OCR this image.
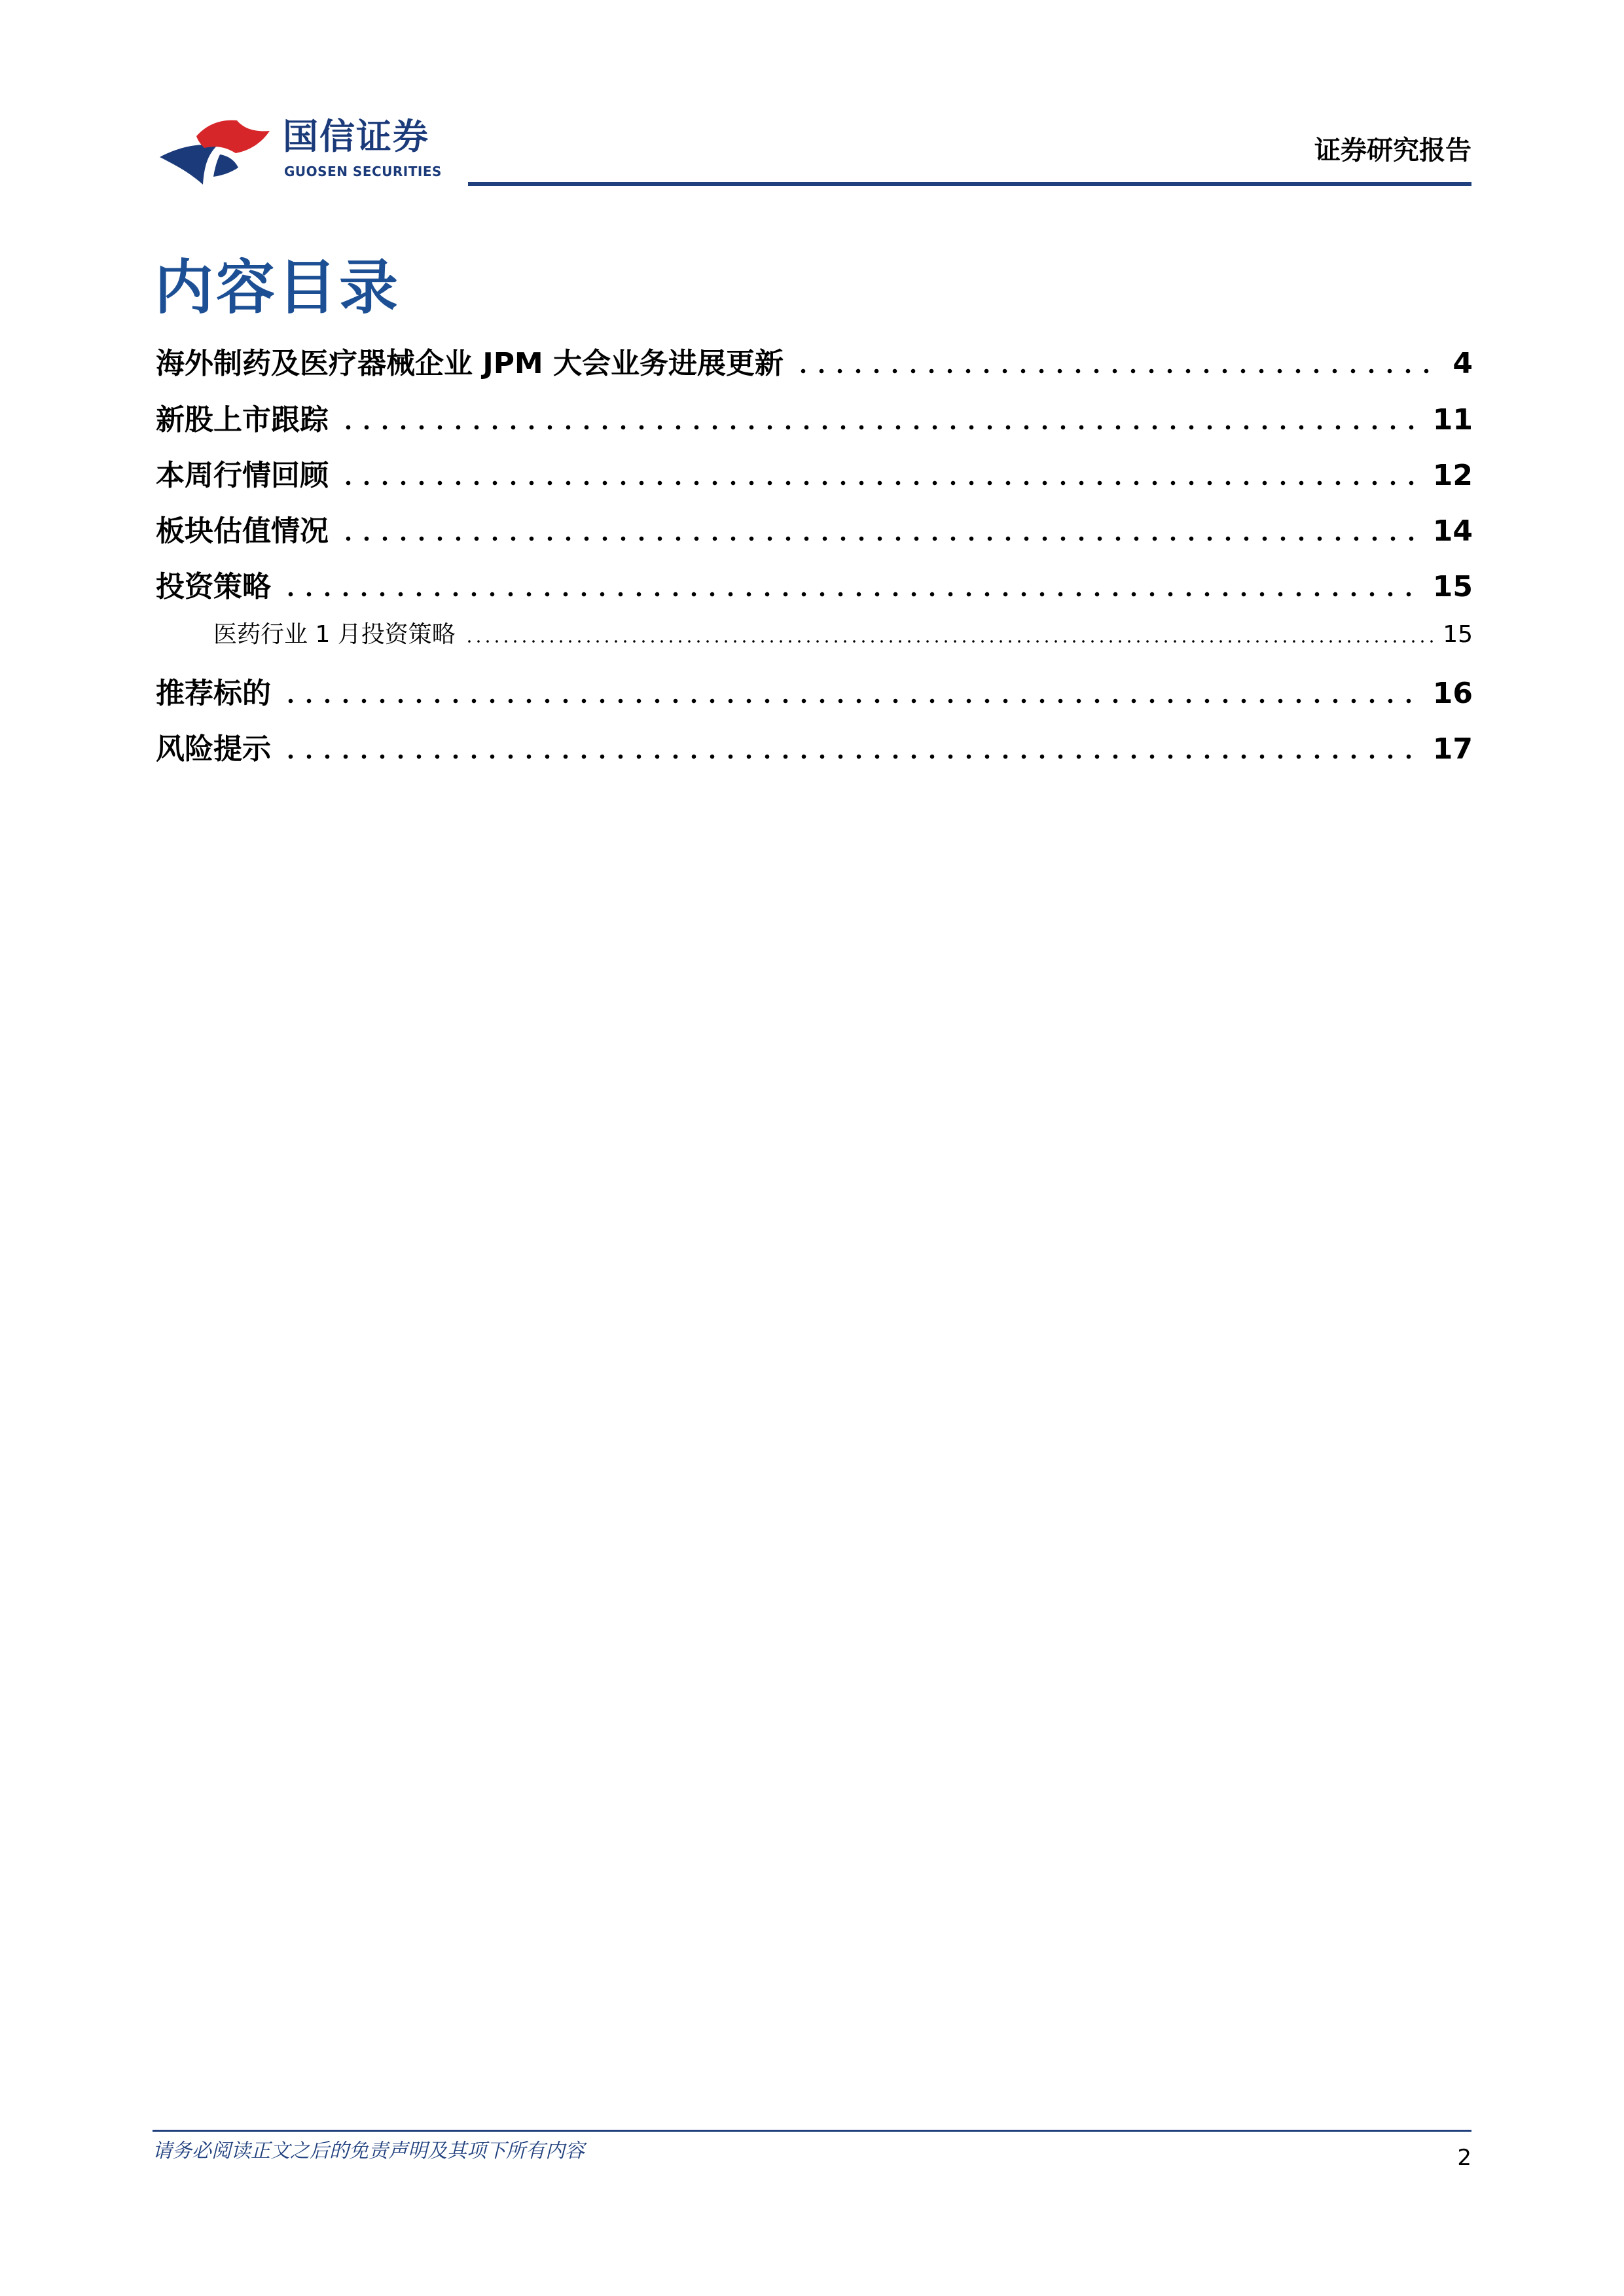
国信证券
GUOSEN SECURITIES
证券研究报告
内容目录
海外制药及医疗器械企业 JPM 大会业务进展更新	4
新股上市跟踪	11
本周行情回顾	12
板块估值情况	14
投资策略	15
医药行业 1 月投资策略	15
推荐标的	16
风险提示	17
请务必阅读正文之后的免责声明及其项下所有内容	2
